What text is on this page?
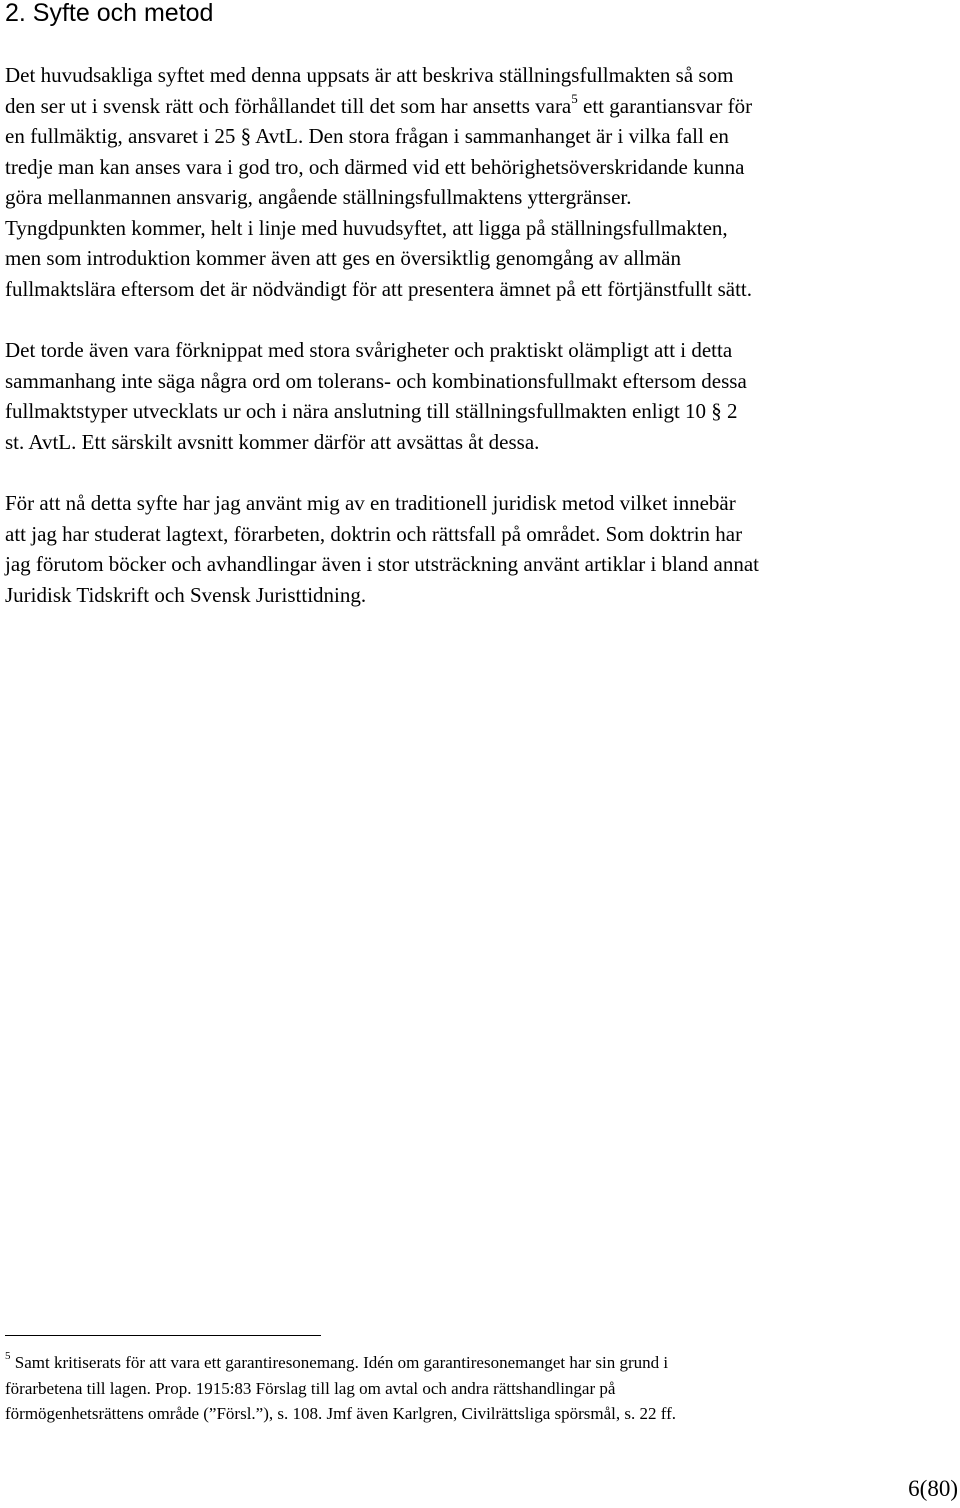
2. Syfte och metod
Det huvudsakliga syftet med denna uppsats är att beskriva ställningsfullmakten så som
den ser ut i svensk rätt och förhållandet till det som har ansetts vara$^5$ ett garantiansvar för
en fullmäktig, ansvaret i 25 § AvtL. Den stora frågan i sammanhanget är i vilka fall en
tredje man kan anses vara i god tro, och därmed vid ett behörighetsöverskridande kunna
göra mellanmannen ansvarig, angående ställningsfullmaktens yttergränser.
Tyngdpunkten kommer, helt i linje med huvudsyftet, att ligga på ställningsfullmakten,
men som introduktion kommer även att ges en översiktlig genomgång av allmän
fullmaktslära eftersom det är nödvändigt för att presentera ämnet på ett förtjänstfullt sätt.
Det torde även vara förknippat med stora svårigheter och praktiskt olämpligt att i detta
sammanhang inte säga några ord om tolerans- och kombinationsfullmakt eftersom dessa
fullmaktstyper utvecklats ur och i nära anslutning till ställningsfullmakten enligt 10 § 2
st. AvtL. Ett särskilt avsnitt kommer därför att avsättas åt dessa.
För att nå detta syfte har jag använt mig av en traditionell juridisk metod vilket innebär
att jag har studerat lagtext, förarbeten, doktrin och rättsfall på området. Som doktrin har
jag förutom böcker och avhandlingar även i stor utsträckning använt artiklar i bland annat
Juridisk Tidskrift och Svensk Juristtidning.
$^5$ Samt kritiserats för att vara ett garantiresonemang. Idén om garantiresonemanget har sin grund i
förarbetena till lagen. Prop. 1915:83 Förslag till lag om avtal och andra rättshandlingar på
förmögenhetsrättens område (”Försl.”), s. 108. Jmf även Karlgren, Civilrättsliga spörsmål, s. 22 ff.
6(80)
